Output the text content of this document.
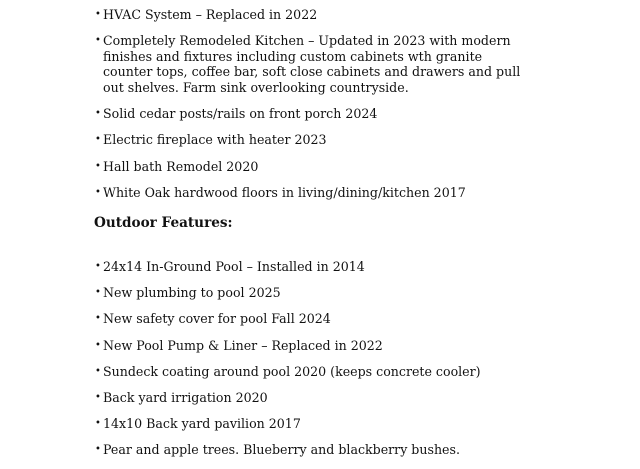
• HVAC System – Replaced in 2022
• Completely Remodeled Kitchen – Updated in 2023 with modern finishes and fixtures including custom cabinets wth granite counter tops, coffee bar, soft close cabinets and drawers and pull out shelves. Farm sink overlooking countryside.
• Solid cedar posts/rails on front porch 2024
• Electric fireplace with heater 2023
• Hall bath Remodel 2020
• White Oak hardwood floors in living/dining/kitchen 2017
Outdoor Features:
• 24x14 In-Ground Pool – Installed in 2014
• New plumbing to pool 2025
• New safety cover for pool Fall 2024
• New Pool Pump & Liner – Replaced in 2022
• Sundeck coating around pool 2020 (keeps concrete cooler)
• Back yard irrigation 2020
• 14x10 Back yard pavilion 2017
• Pear and apple trees. Blueberry and blackberry bushes.
